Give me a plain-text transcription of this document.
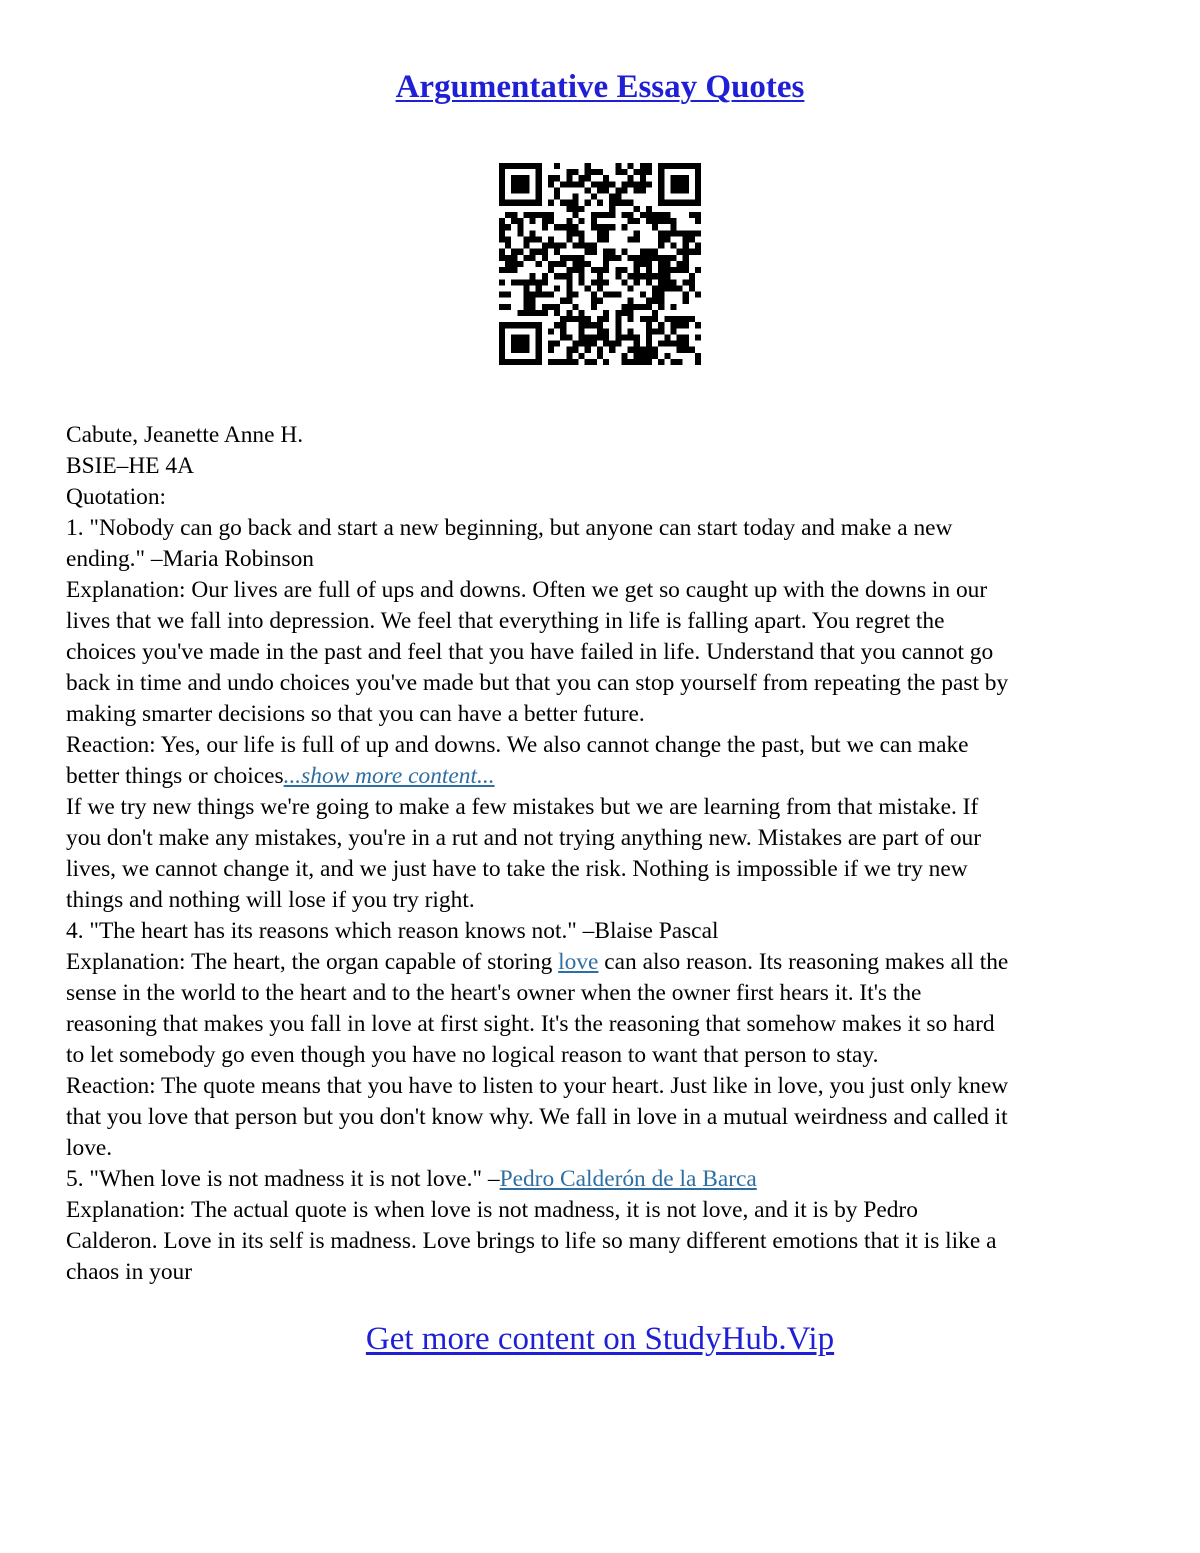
Argumentative Essay Quotes

Cabute, Jeanette Anne H.

BSIE–HE 4A

Quotation:

1. "Nobody can go back and start a new beginning, but anyone can start today and make a new

ending." –Maria Robinson

Explanation: Our lives are full of ups and downs. Often we get so caught up with the downs in our

lives that we fall into depression. We feel that everything in life is falling apart. You regret the

choices you've made in the past and feel that you have failed in life. Understand that you cannot go

back in time and undo choices you've made but that you can stop yourself from repeating the past by

making smarter decisions so that you can have a better future.

Reaction: Yes, our life is full of up and downs. We also cannot change the past, but we can make

better things or choices...show more content...

If we try new things we're going to make a few mistakes but we are learning from that mistake. If

you don't make any mistakes, you're in a rut and not trying anything new. Mistakes are part of our

lives, we cannot change it, and we just have to take the risk. Nothing is impossible if we try new

things and nothing will lose if you try right.

4. "The heart has its reasons which reason knows not." –Blaise Pascal

Explanation: The heart, the organ capable of storing love can also reason. Its reasoning makes all the

sense in the world to the heart and to the heart's owner when the owner first hears it. It's the

reasoning that makes you fall in love at first sight. It's the reasoning that somehow makes it so hard

to let somebody go even though you have no logical reason to want that person to stay.

Reaction: The quote means that you have to listen to your heart. Just like in love, you just only knew

that you love that person but you don't know why. We fall in love in a mutual weirdness and called it

love.

5. "When love is not madness it is not love." –Pedro Calderón de la Barca

Explanation: The actual quote is when love is not madness, it is not love, and it is by Pedro

Calderon. Love in its self is madness. Love brings to life so many different emotions that it is like a

chaos in your

Get more content on StudyHub.Vip
